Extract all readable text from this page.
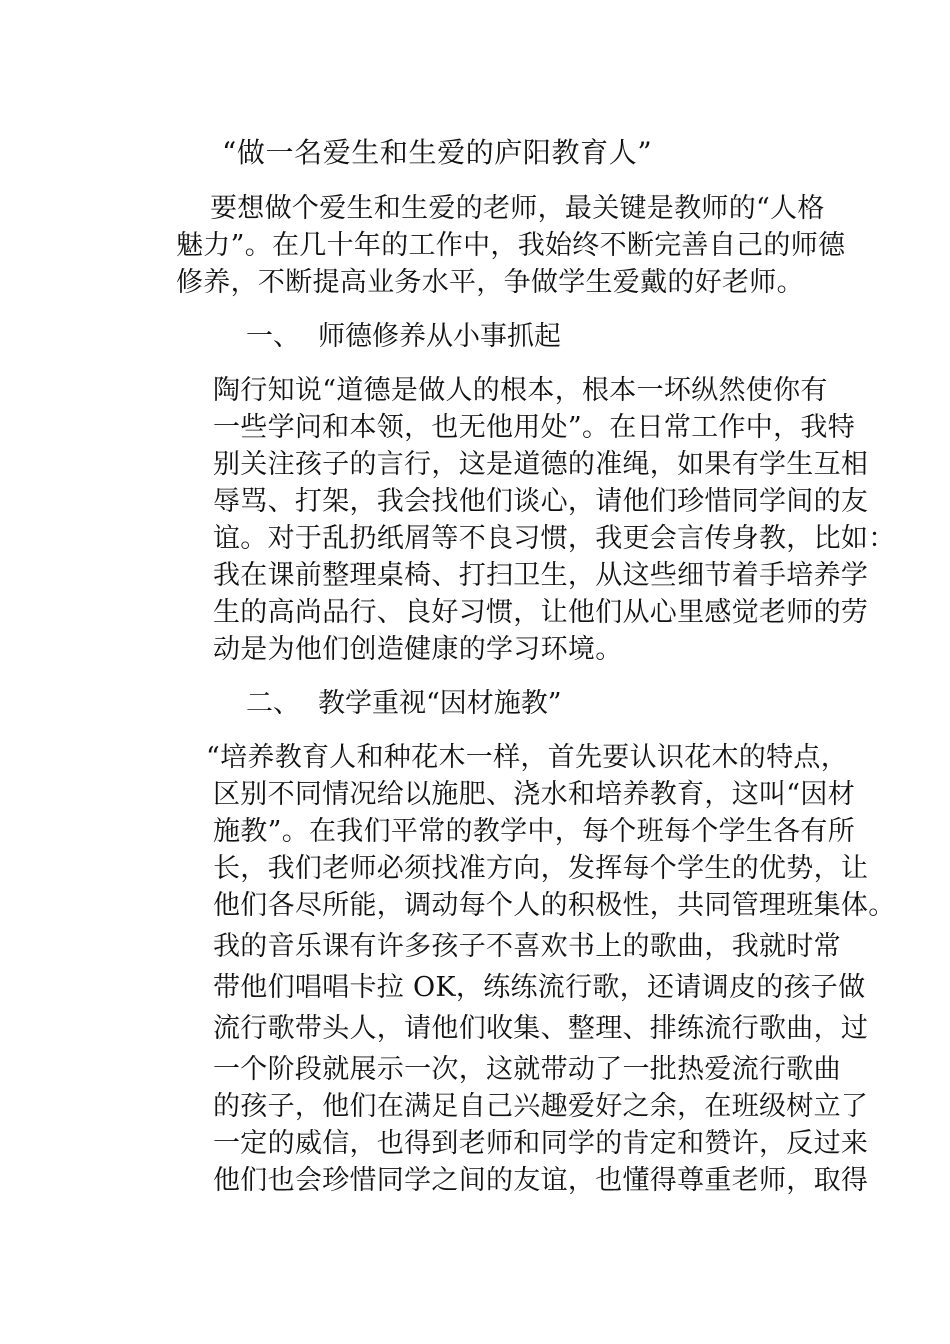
“做一名爱生和生爱的庐阳教育人”
要想做个爱生和生爱的老师，最关键是教师的“人格
魅力”。在几十年的工作中，我始终不断完善自己的师德
修养，不断提高业务水平，争做学生爱戴的好老师。
一、 师德修养从小事抓起
陶行知说“道德是做人的根本，根本一坏纵然使你有
一些学问和本领，也无他用处”。在日常工作中，我特
别关注孩子的言行，这是道德的准绳，如果有学生互相
辱骂、打架，我会找他们谈心，请他们珍惜同学间的友
谊。对于乱扔纸屑等不良习惯，我更会言传身教，比如：
我在课前整理桌椅、打扫卫生，从这些细节着手培养学
生的高尚品行、良好习惯，让他们从心里感觉老师的劳
动是为他们创造健康的学习环境。
二、 教学重视“因材施教”
“培养教育人和种花木一样，首先要认识花木的特点，
区别不同情况给以施肥、浇水和培养教育，这叫“因材
施教”。在我们平常的教学中，每个班每个学生各有所
长，我们老师必须找准方向，发挥每个学生的优势，让
他们各尽所能，调动每个人的积极性，共同管理班集体。
我的音乐课有许多孩子不喜欢书上的歌曲，我就时常
带他们唱唱卡拉 OK，练练流行歌，还请调皮的孩子做
流行歌带头人，请他们收集、整理、排练流行歌曲，过
一个阶段就展示一次，这就带动了一批热爱流行歌曲
的孩子，他们在满足自己兴趣爱好之余，在班级树立了
一定的威信，也得到老师和同学的肯定和赞许，反过来
他们也会珍惜同学之间的友谊，也懂得尊重老师，取得
